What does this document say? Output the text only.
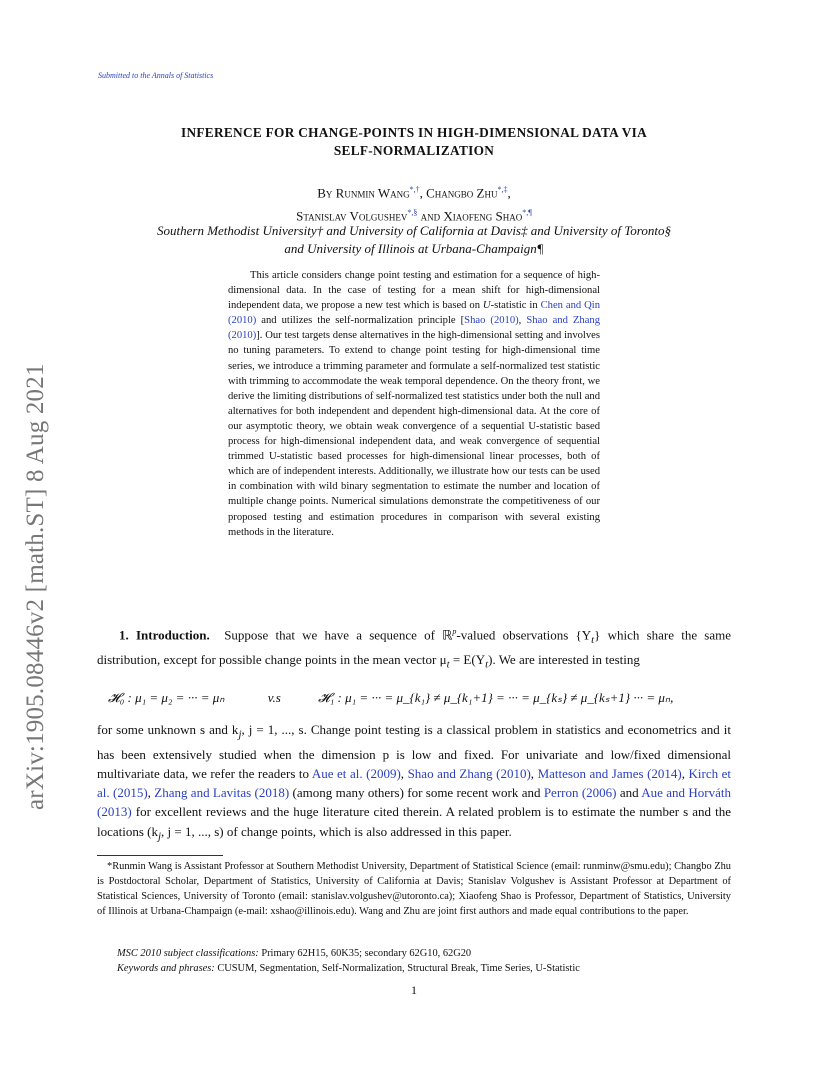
Submitted to the Annals of Statistics
INFERENCE FOR CHANGE-POINTS IN HIGH-DIMENSIONAL DATA VIA
SELF-NORMALIZATION
By Runmin Wang*,†, Changbo Zhu*,‡,
Stanislav Volgushev*,§ and Xiaofeng Shao*,¶
Southern Methodist University† and University of California at Davis‡ and University of Toronto§
and University of Illinois at Urbana-Champaign¶

This article considers change point testing and estimation for a sequence of high-dimensional data. In the case of testing for a mean shift for high-dimensional independent data, we propose a new test which is based on U-statistic in Chen and Qin (2010) and utilizes the self-normalization principle [Shao (2010), Shao and Zhang (2010)]. Our test targets dense alternatives in the high-dimensional setting and involves no tuning parameters. To extend to change point testing for high-dimensional time series, we introduce a trimming parameter and formulate a self-normalized test statistic with trimming to accommodate the weak temporal dependence. On the theory front, we derive the limiting distributions of self-normalized test statistics under both the null and alternatives for both independent and dependent high-dimensional data. At the core of our asymptotic theory, we obtain weak convergence of a sequential U-statistic based process for high-dimensional independent data, and weak convergence of sequential trimmed U-statistic based processes for high-dimensional linear processes, both of which are of independent interests. Additionally, we illustrate how our tests can be used in combination with wild binary segmentation to estimate the number and location of multiple change points. Numerical simulations demonstrate the competitiveness of our proposed testing and estimation procedures in comparison with several existing methods in the literature.

1. Introduction. Suppose that we have a sequence of ℝ$^p$-valued observations $\{Y_t\}$ which share the same distribution, except for possible change points in the mean vector $\mu_t = E(Y_t)$. We are interested in testing

𝓗₀ : μ₁ = μ₂ = ··· = μₙ	v.s	𝓗₁ : μ₁ = ··· = μ_{k₁} ≠ μ_{k₁+1} = ··· = μ_{kₛ} ≠ μ_{kₛ+1} ··· = μₙ,

for some unknown s and $k_j$, j = 1, ..., s. Change point testing is a classical problem in statistics and econometrics and it has been extensively studied when the dimension p is low and fixed. For univariate and low/fixed dimensional multivariate data, we refer the readers to Aue et al. (2009), Shao and Zhang (2010), Matteson and James (2014), Kirch et al. (2015), Zhang and Lavitas (2018) (among many others) for some recent work and Perron (2006) and Aue and Horváth (2013) for excellent reviews and the huge literature cited therein. A related problem is to estimate the number s and the locations ($k_j$, j = 1, ..., s) of change points, which is also addressed in this paper.

*Runmin Wang is Assistant Professor at Southern Methodist University, Department of Statistical Science (email: runminw@smu.edu); Changbo Zhu is Postdoctoral Scholar, Department of Statistics, University of California at Davis; Stanislav Volgushev is Assistant Professor at Department of Statistical Sciences, University of Toronto (email: stanislav.volgushev@utoronto.ca); Xiaofeng Shao is Professor, Department of Statistics, University of Illinois at Urbana-Champaign (e-mail: xshao@illinois.edu). Wang and Zhu are joint first authors and made equal contributions to the paper.

MSC 2010 subject classifications: Primary 62H15, 60K35; secondary 62G10, 62G20
Keywords and phrases: CUSUM, Segmentation, Self-Normalization, Structural Break, Time Series, U-Statistic
1
arXiv:1905.08446v2 [math.ST] 8 Aug 2021
